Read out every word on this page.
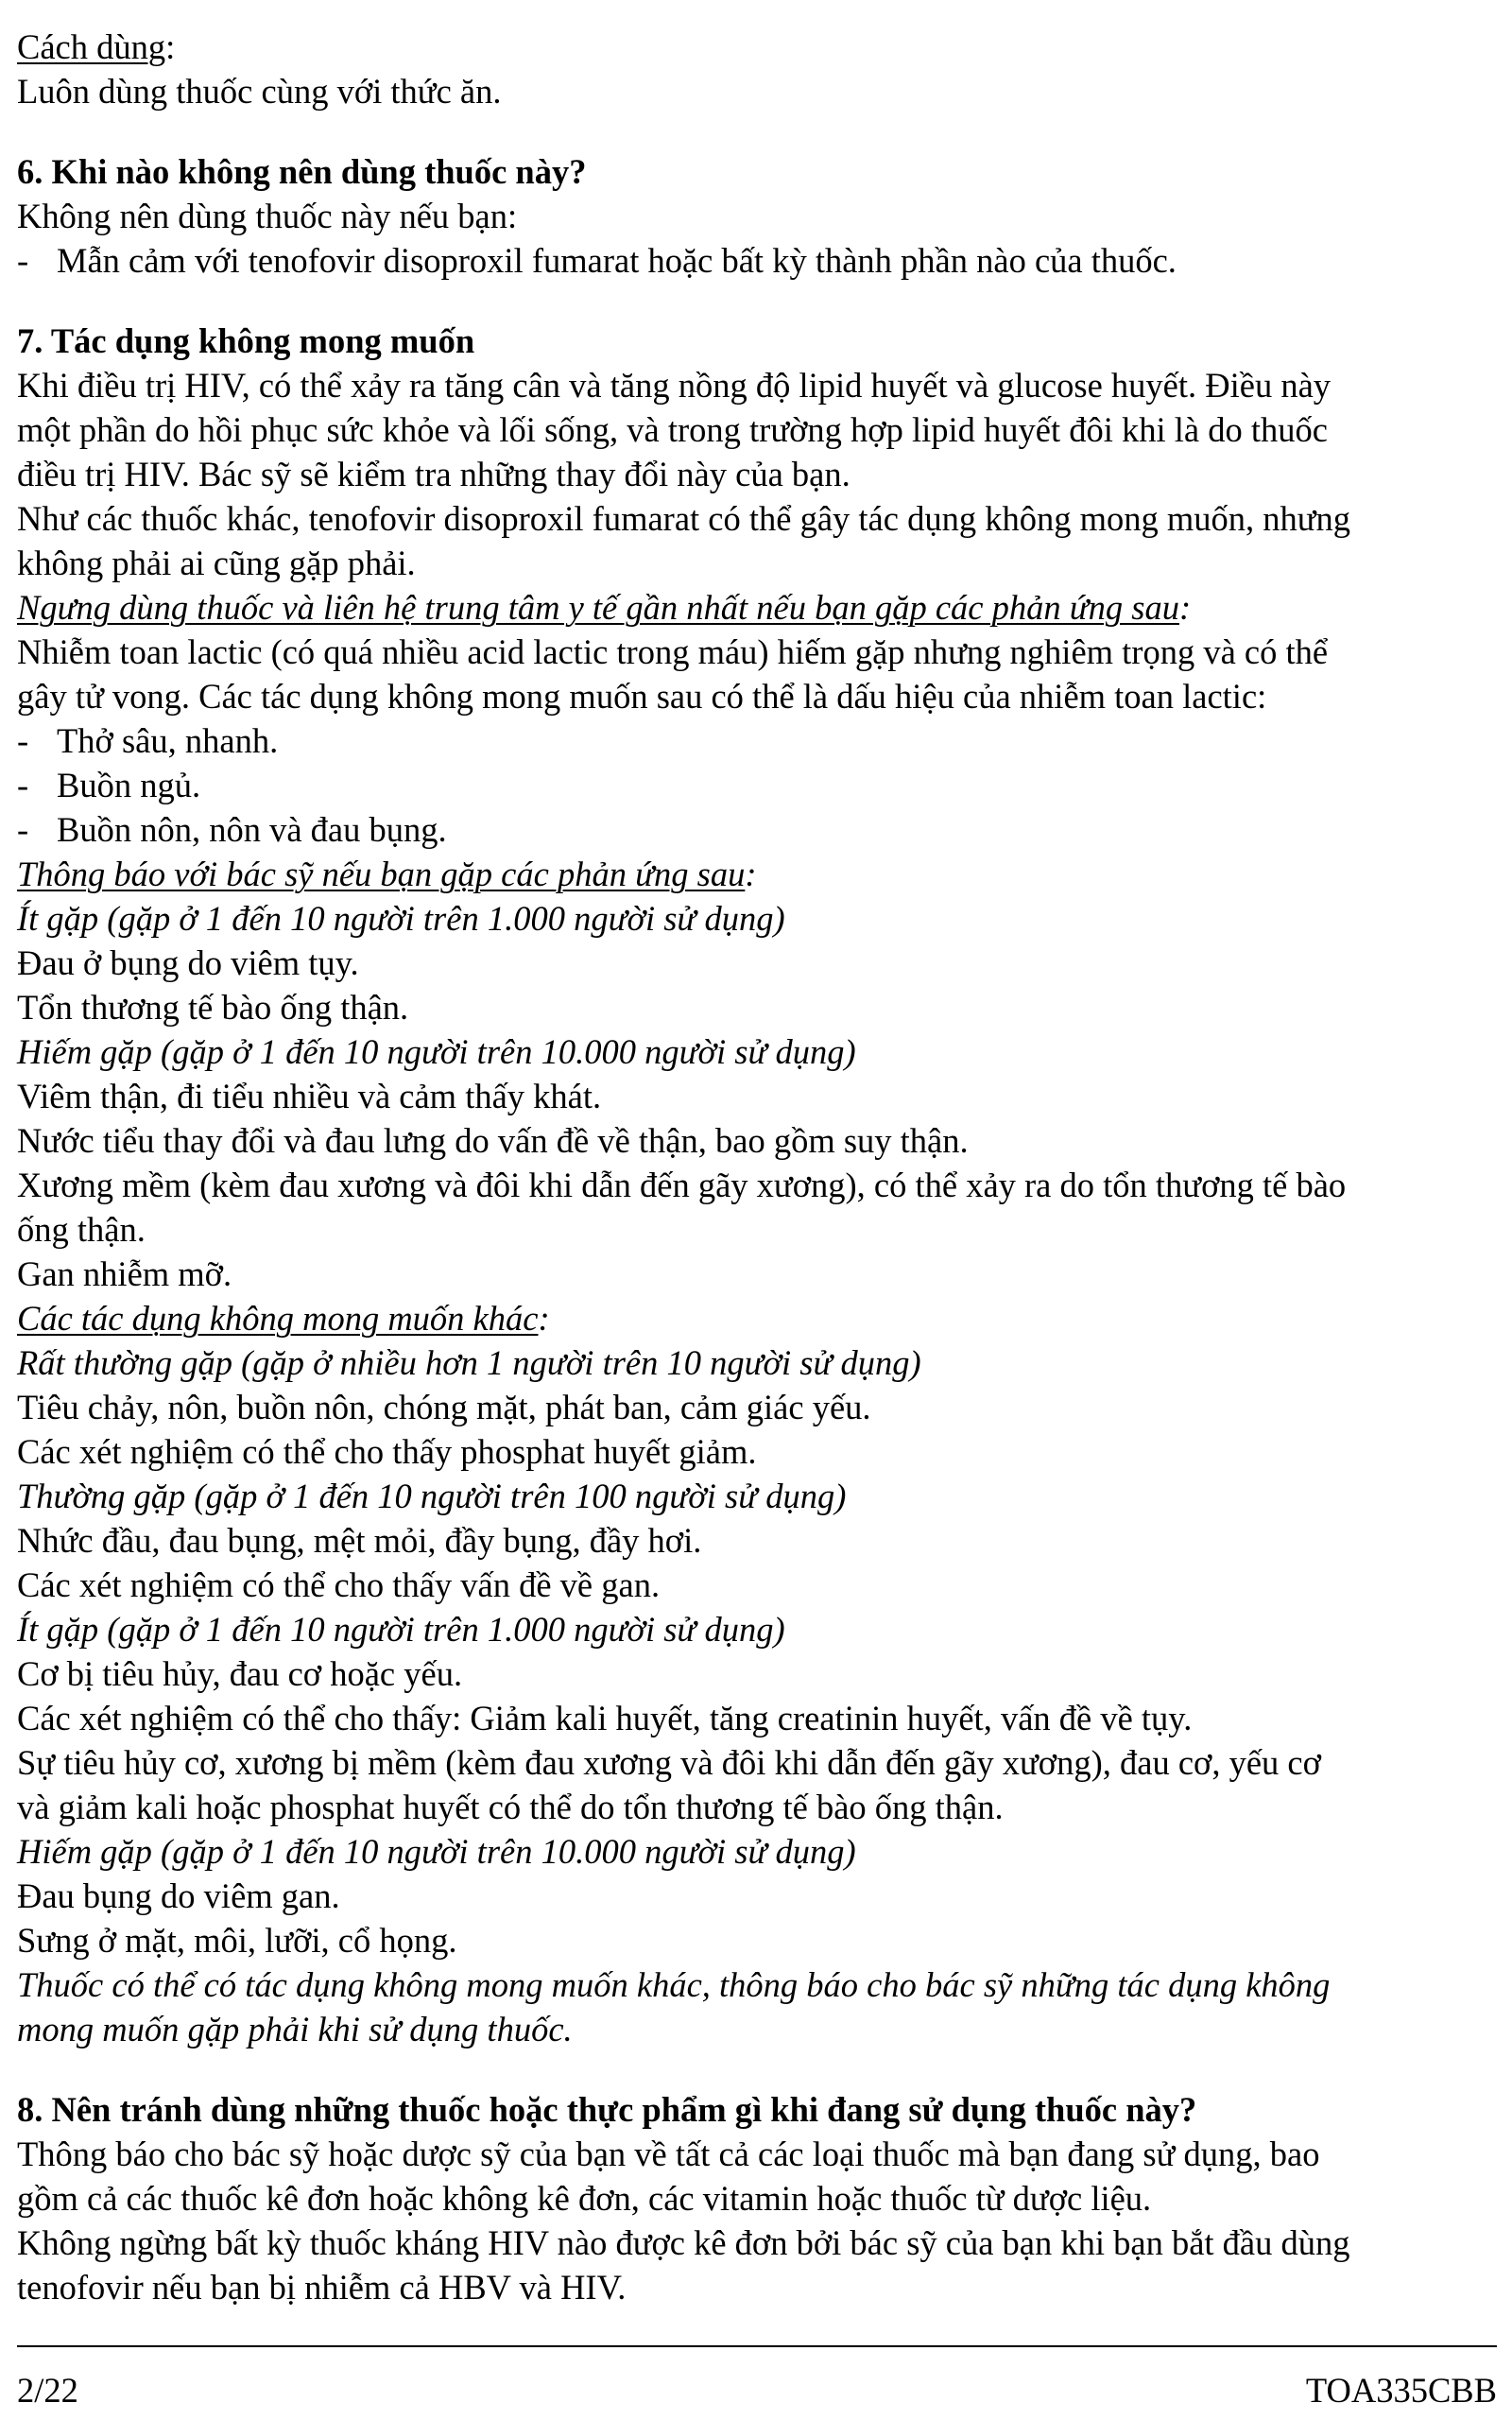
Cách dùng:
Luôn dùng thuốc cùng với thức ăn.
6. Khi nào không nên dùng thuốc này?
Không nên dùng thuốc này nếu bạn:
- Mẫn cảm với tenofovir disoproxil fumarat hoặc bất kỳ thành phần nào của thuốc.
7. Tác dụng không mong muốn
Khi điều trị HIV, có thể xảy ra tăng cân và tăng nồng độ lipid huyết và glucose huyết. Điều này
một phần do hồi phục sức khỏe và lối sống, và trong trường hợp lipid huyết đôi khi là do thuốc
điều trị HIV. Bác sỹ sẽ kiểm tra những thay đổi này của bạn.
Như các thuốc khác, tenofovir disoproxil fumarat có thể gây tác dụng không mong muốn, nhưng
không phải ai cũng gặp phải.
Ngưng dùng thuốc và liên hệ trung tâm y tế gần nhất nếu bạn gặp các phản ứng sau:
Nhiễm toan lactic (có quá nhiều acid lactic trong máu) hiếm gặp nhưng nghiêm trọng và có thể
gây tử vong. Các tác dụng không mong muốn sau có thể là dấu hiệu của nhiễm toan lactic:
- Thở sâu, nhanh.
- Buồn ngủ.
- Buồn nôn, nôn và đau bụng.
Thông báo với bác sỹ nếu bạn gặp các phản ứng sau:
Ít gặp (gặp ở 1 đến 10 người trên 1.000 người sử dụng)
Đau ở bụng do viêm tụy.
Tổn thương tế bào ống thận.
Hiếm gặp (gặp ở 1 đến 10 người trên 10.000 người sử dụng)
Viêm thận, đi tiểu nhiều và cảm thấy khát.
Nước tiểu thay đổi và đau lưng do vấn đề về thận, bao gồm suy thận.
Xương mềm (kèm đau xương và đôi khi dẫn đến gãy xương), có thể xảy ra do tổn thương tế bào
ống thận.
Gan nhiễm mỡ.
Các tác dụng không mong muốn khác:
Rất thường gặp (gặp ở nhiều hơn 1 người trên 10 người sử dụng)
Tiêu chảy, nôn, buồn nôn, chóng mặt, phát ban, cảm giác yếu.
Các xét nghiệm có thể cho thấy phosphat huyết giảm.
Thường gặp (gặp ở 1 đến 10 người trên 100 người sử dụng)
Nhức đầu, đau bụng, mệt mỏi, đầy bụng, đầy hơi.
Các xét nghiệm có thể cho thấy vấn đề về gan.
Ít gặp (gặp ở 1 đến 10 người trên 1.000 người sử dụng)
Cơ bị tiêu hủy, đau cơ hoặc yếu.
Các xét nghiệm có thể cho thấy: Giảm kali huyết, tăng creatinin huyết, vấn đề về tụy.
Sự tiêu hủy cơ, xương bị mềm (kèm đau xương và đôi khi dẫn đến gãy xương), đau cơ, yếu cơ
và giảm kali hoặc phosphat huyết có thể do tổn thương tế bào ống thận.
Hiếm gặp (gặp ở 1 đến 10 người trên 10.000 người sử dụng)
Đau bụng do viêm gan.
Sưng ở mặt, môi, lưỡi, cổ họng.
Thuốc có thể có tác dụng không mong muốn khác, thông báo cho bác sỹ những tác dụng không
mong muốn gặp phải khi sử dụng thuốc.
8. Nên tránh dùng những thuốc hoặc thực phẩm gì khi đang sử dụng thuốc này?
Thông báo cho bác sỹ hoặc dược sỹ của bạn về tất cả các loại thuốc mà bạn đang sử dụng, bao
gồm cả các thuốc kê đơn hoặc không kê đơn, các vitamin hoặc thuốc từ dược liệu.
Không ngừng bất kỳ thuốc kháng HIV nào được kê đơn bởi bác sỹ của bạn khi bạn bắt đầu dùng
tenofovir nếu bạn bị nhiễm cả HBV và HIV.
2/22	TOA335CBB
